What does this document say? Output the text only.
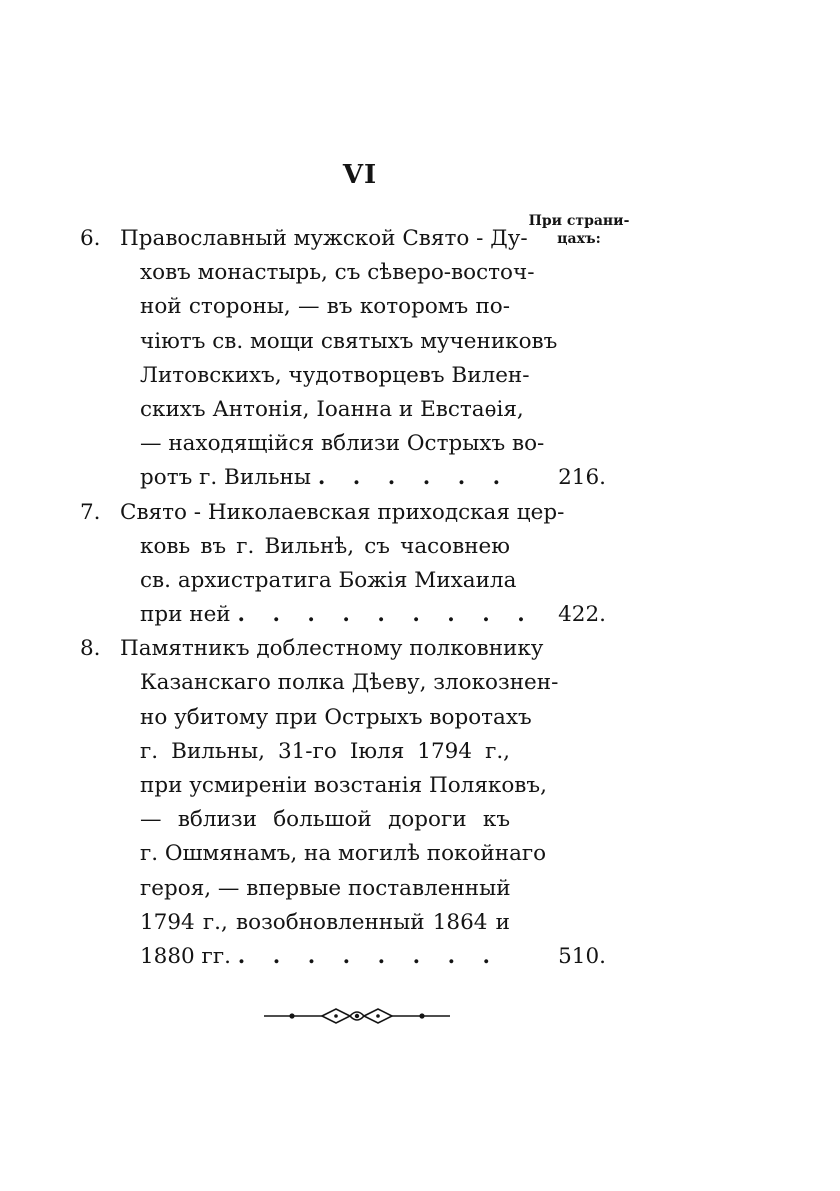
VI
При страни-
цахъ:
6. Православный мужской Свято - Ду-
ховъ монастырь, съ сѣверо-восточ-
ной стороны, — въ которомъ по-
чіютъ св. мощи святыхъ мучениковъ
Литовскихъ, чудотворцевъ Вилен-
скихъ Антонія, Іоанна и Евстаѳія,
— находящійся вблизи Острыхъ во-
ротъ г. Вильны . . . . . .	216.
7. Свято - Николаевская приходская цер-
ковь въ г. Вильнѣ, съ часовнею
св. архистратига Божія Михаила
при ней . . . . . . . . .	422.
8. Памятникъ доблестному полковнику
Казанскаго полка Дѣеву, злокознен-
но убитому при Острыхъ воротахъ
г. Вильны, 31-го Іюля 1794 г.,
при усмиреніи возстанія Поляковъ,
— вблизи большой дороги къ
г. Ошмянамъ, на могилѣ покойнаго
героя, — впервые поставленный
1794 г., возобновленный 1864 и
1880 гг. . . . . . . . .	510.
